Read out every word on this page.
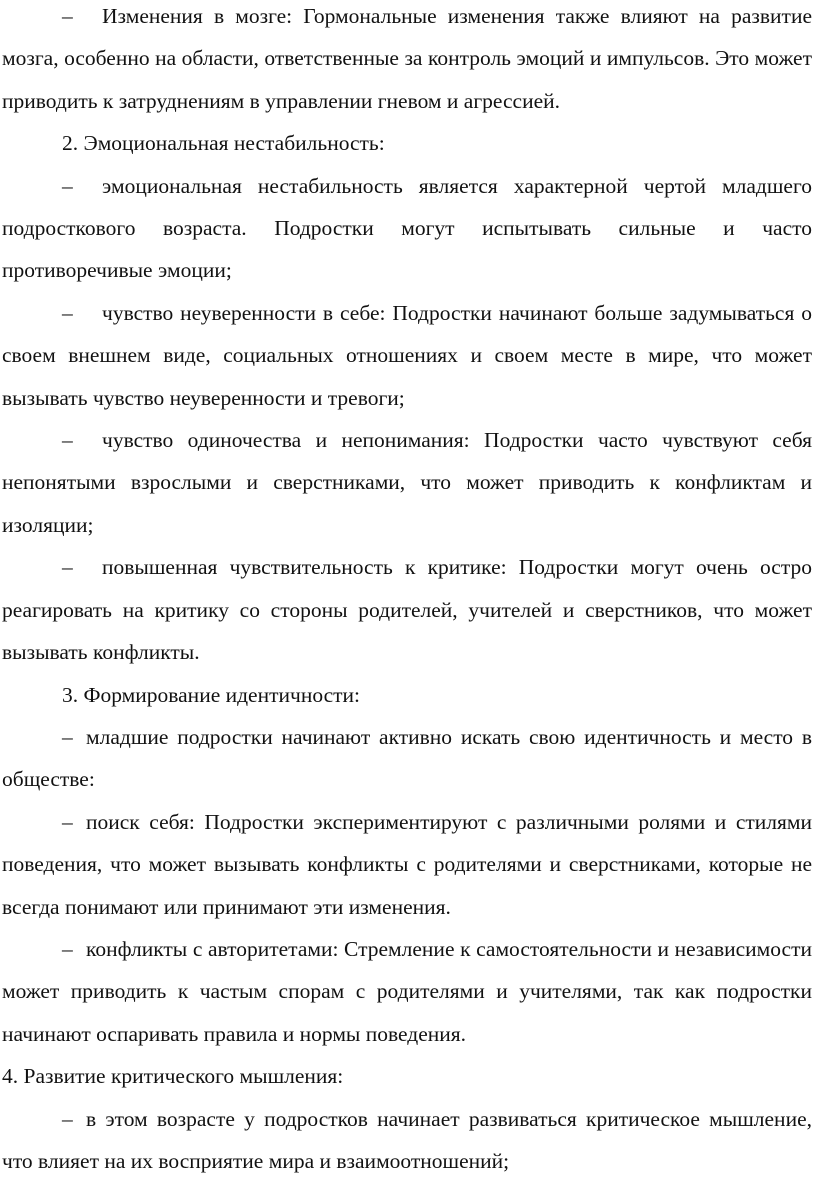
– Изменения в мозге: Гормональные изменения также влияют на развитие мозга, особенно на области, ответственные за контроль эмоций и импульсов. Это может приводить к затруднениям в управлении гневом и агрессией.

2. Эмоциональная нестабильность:

– эмоциональная нестабильность является характерной чертой младшего подросткового возраста. Подростки могут испытывать сильные и часто противоречивые эмоции;

– чувство неуверенности в себе: Подростки начинают больше задумываться о своем внешнем виде, социальных отношениях и своем месте в мире, что может вызывать чувство неуверенности и тревоги;

– чувство одиночества и непонимания: Подростки часто чувствуют себя непонятыми взрослыми и сверстниками, что может приводить к конфликтам и изоляции;

– повышенная чувствительность к критике: Подростки могут очень остро реагировать на критику со стороны родителей, учителей и сверстников, что может вызывать конфликты.

3. Формирование идентичности:

– младшие подростки начинают активно искать свою идентичность и место в обществе:

– поиск себя: Подростки экспериментируют с различными ролями и стилями поведения, что может вызывать конфликты с родителями и сверстниками, которые не всегда понимают или принимают эти изменения.

– конфликты с авторитетами: Стремление к самостоятельности и независимости может приводить к частым спорам с родителями и учителями, так как подростки начинают оспаривать правила и нормы поведения.

4. Развитие критического мышления:

– в этом возрасте у подростков начинает развиваться критическое мышление, что влияет на их восприятие мира и взаимоотношений;
